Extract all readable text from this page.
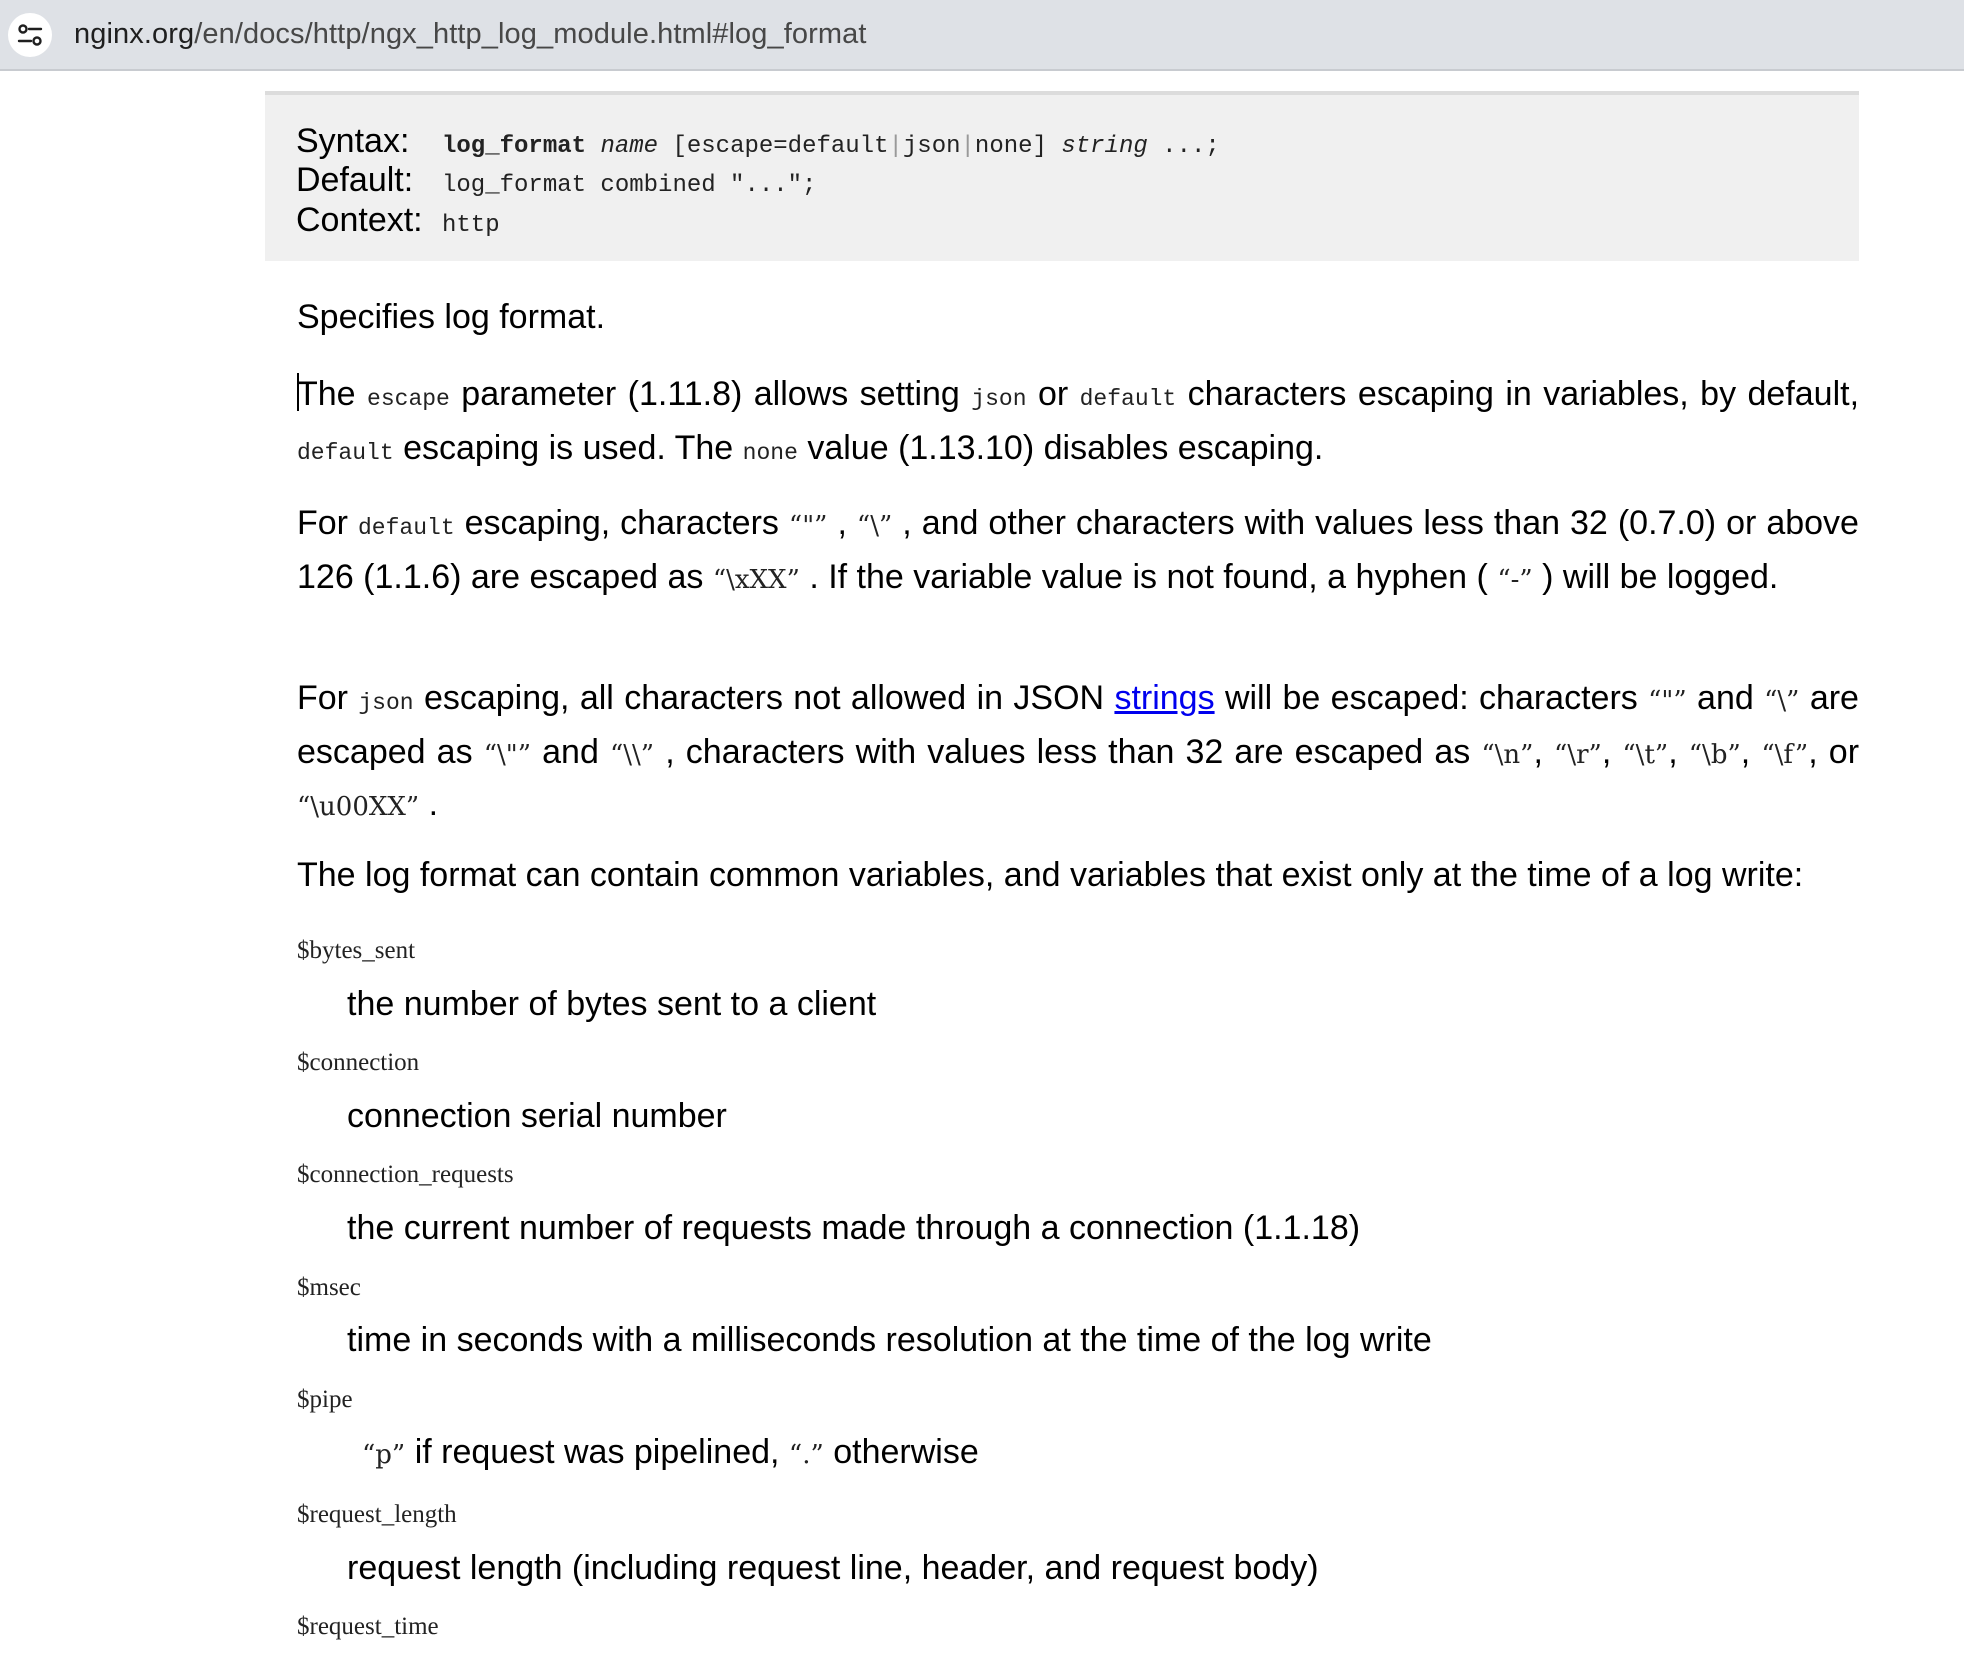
nginx.org/en/docs/http/ngx_http_log_module.html#log_format
Syntax:	log_format name [escape=default|json|none] string ...;
Default:	log_format combined "...";
Context: http
Specifies log format.
The escape parameter (1.11.8) allows setting json or default characters escaping in variables, by default, default escaping is used. The none value (1.13.10) disables escaping.
For default escaping, characters “"” , “\” , and other characters with values less than 32 (0.7.0) or above 126 (1.1.6) are escaped as “\xXX” . If the variable value is not found, a hyphen ( “-” ) will be logged.
For json escaping, all characters not allowed in JSON strings will be escaped: characters “"” and “\” are escaped as “\"” and “\\” , characters with values less than 32 are escaped as “\n”, “\r”, “\t”, “\b”, “\f”, or “\u00XX” .
The log format can contain common variables, and variables that exist only at the time of a log write:
$bytes_sent
the number of bytes sent to a client
$connection
connection serial number
$connection_requests
the current number of requests made through a connection (1.1.18)
$msec
time in seconds with a milliseconds resolution at the time of the log write
$pipe
“p” if request was pipelined, “.” otherwise
$request_length
request length (including request line, header, and request body)
$request_time
